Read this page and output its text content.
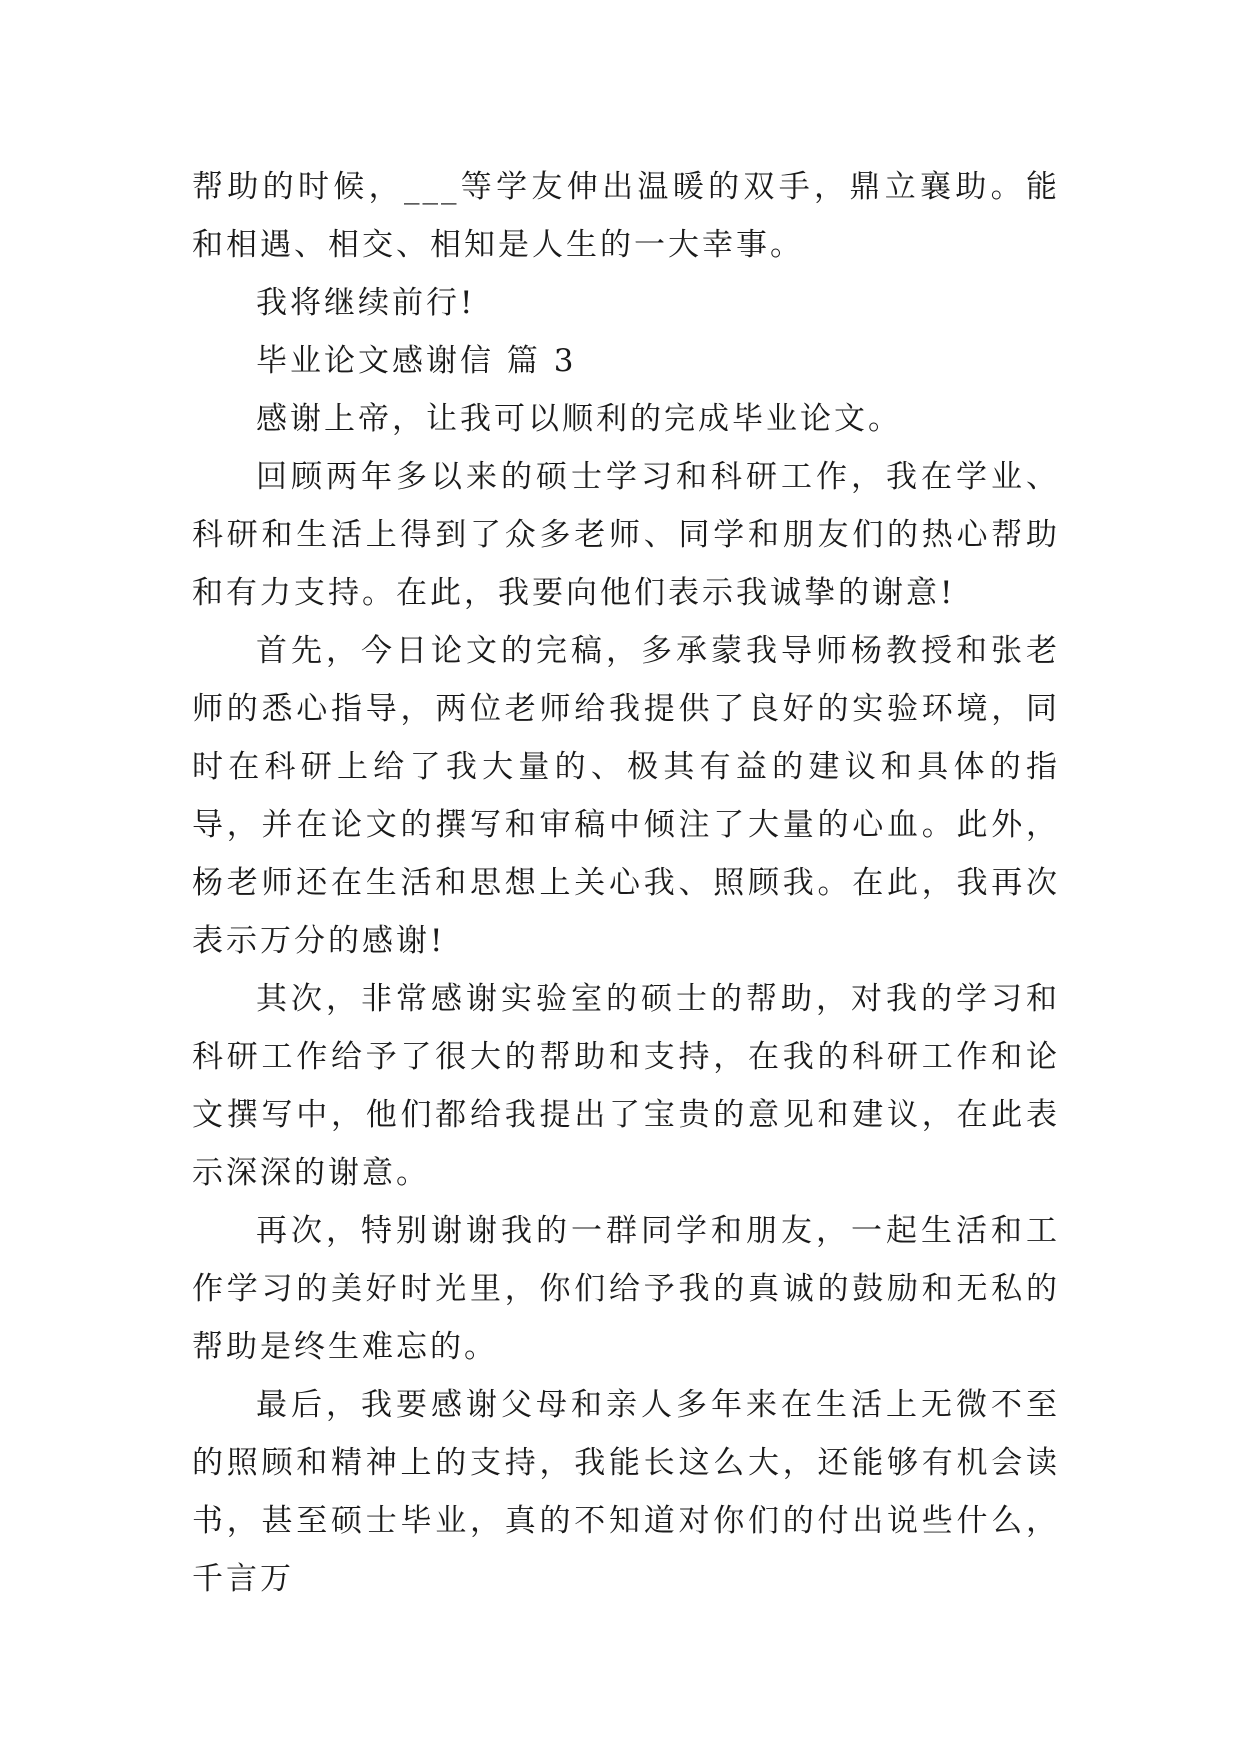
帮助的时候，___等学友伸出温暖的双手，鼎立襄助。能和相遇、相交、相知是人生的一大幸事。

我将继续前行!

毕业论文感谢信 篇 3

感谢上帝，让我可以顺利的完成毕业论文。

回顾两年多以来的硕士学习和科研工作，我在学业、科研和生活上得到了众多老师、同学和朋友们的热心帮助和有力支持。在此，我要向他们表示我诚挚的谢意!

首先，今日论文的完稿，多承蒙我导师杨教授和张老师的悉心指导，两位老师给我提供了良好的实验环境，同时在科研上给了我大量的、极其有益的建议和具体的指导，并在论文的撰写和审稿中倾注了大量的心血。此外，杨老师还在生活和思想上关心我、照顾我。在此，我再次表示万分的感谢!

其次，非常感谢实验室的硕士的帮助，对我的学习和科研工作给予了很大的帮助和支持，在我的科研工作和论文撰写中，他们都给我提出了宝贵的意见和建议，在此表示深深的谢意。

再次，特别谢谢我的一群同学和朋友，一起生活和工作学习的美好时光里，你们给予我的真诚的鼓励和无私的帮助是终生难忘的。

最后，我要感谢父母和亲人多年来在生活上无微不至的照顾和精神上的支持，我能长这么大，还能够有机会读书，甚至硕士毕业，真的不知道对你们的付出说些什么，千言万
